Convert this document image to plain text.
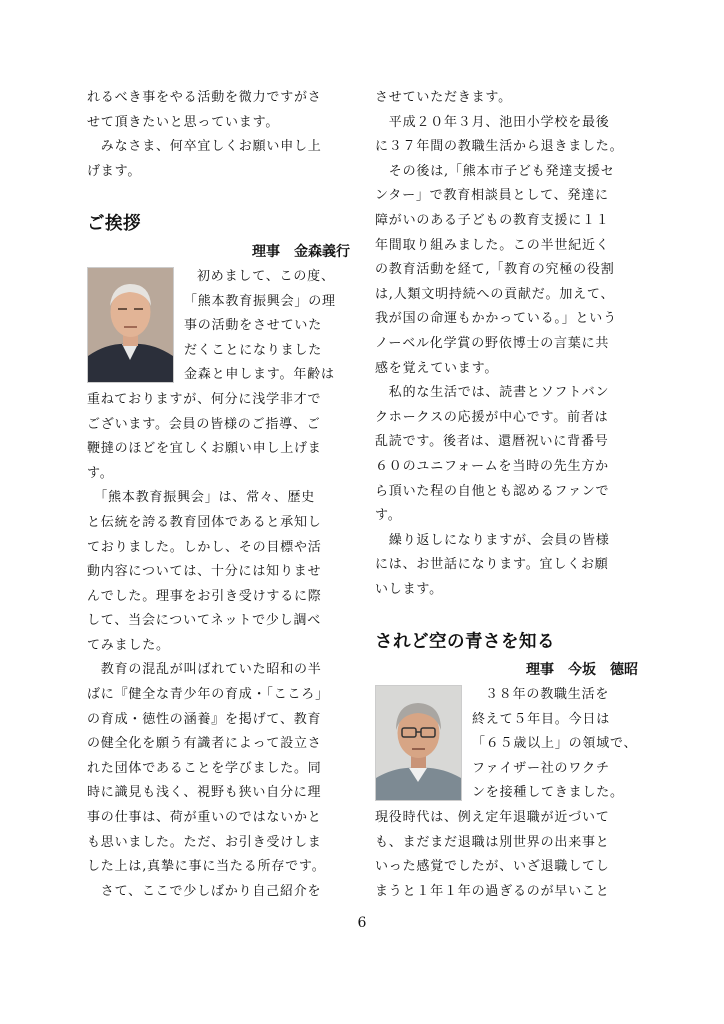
れるべき事をやる活動を微力ですがさ
せて頂きたいと思っています。
　みなさま、何卒宜しくお願い申し上
げます。
ご挨拶
理事　金森義行
初めまして、この度、
「熊本教育振興会」の理
事の活動をさせていた
だくことになりました
金森と申します。年齢は
重ねておりますが、何分に浅学非才で
ございます。会員の皆様のご指導、ご
鞭撻のほどを宜しくお願い申し上げま
す。
　「熊本教育振興会」は、常々、歴史
と伝統を誇る教育団体であると承知し
ておりました。しかし、その目標や活
動内容については、十分には知りませ
んでした。理事をお引き受けするに際
して、当会についてネットで少し調べ
てみました。
　教育の混乱が叫ばれていた昭和の半
ばに『健全な青少年の育成・「こころ」
の育成・徳性の涵養』を掲げて、教育
の健全化を願う有識者によって設立さ
れた団体であることを学びました。同
時に識見も浅く、視野も狭い自分に理
事の仕事は、荷が重いのではないかと
も思いました。ただ、お引き受けしま
した上は,真摯に事に当たる所存です。
　さて、ここで少しばかり自己紹介を
させていただきます。
　平成２０年３月、池田小学校を最後
に３７年間の教職生活から退きました。
　その後は,「熊本市子ども発達支援セ
ンター」で教育相談員として、発達に
障がいのある子どもの教育支援に１１
年間取り組みました。この半世紀近く
の教育活動を経て,「教育の究極の役割
は,人類文明持続への貢献だ。加えて、
我が国の命運もかかっている。」という
ノーベル化学賞の野依博士の言葉に共
感を覚えています。
　私的な生活では、読書とソフトバン
クホークスの応援が中心です。前者は
乱読です。後者は、還暦祝いに背番号
６０のユニフォームを当時の先生方か
ら頂いた程の自他とも認めるファンで
す。
　繰り返しになりますが、会員の皆様
には、お世話になります。宜しくお願
いします。
されど空の青さを知る
理事　今坂　德昭
３８年の教職生活を
終えて５年目。今日は
「６５歳以上」の領域で、
ファイザー社のワクチ
ンを接種してきました。
現役時代は、例え定年退職が近づいて
も、まだまだ退職は別世界の出来事と
いった感覚でしたが、いざ退職してし
まうと１年１年の過ぎるのが早いこと
6
